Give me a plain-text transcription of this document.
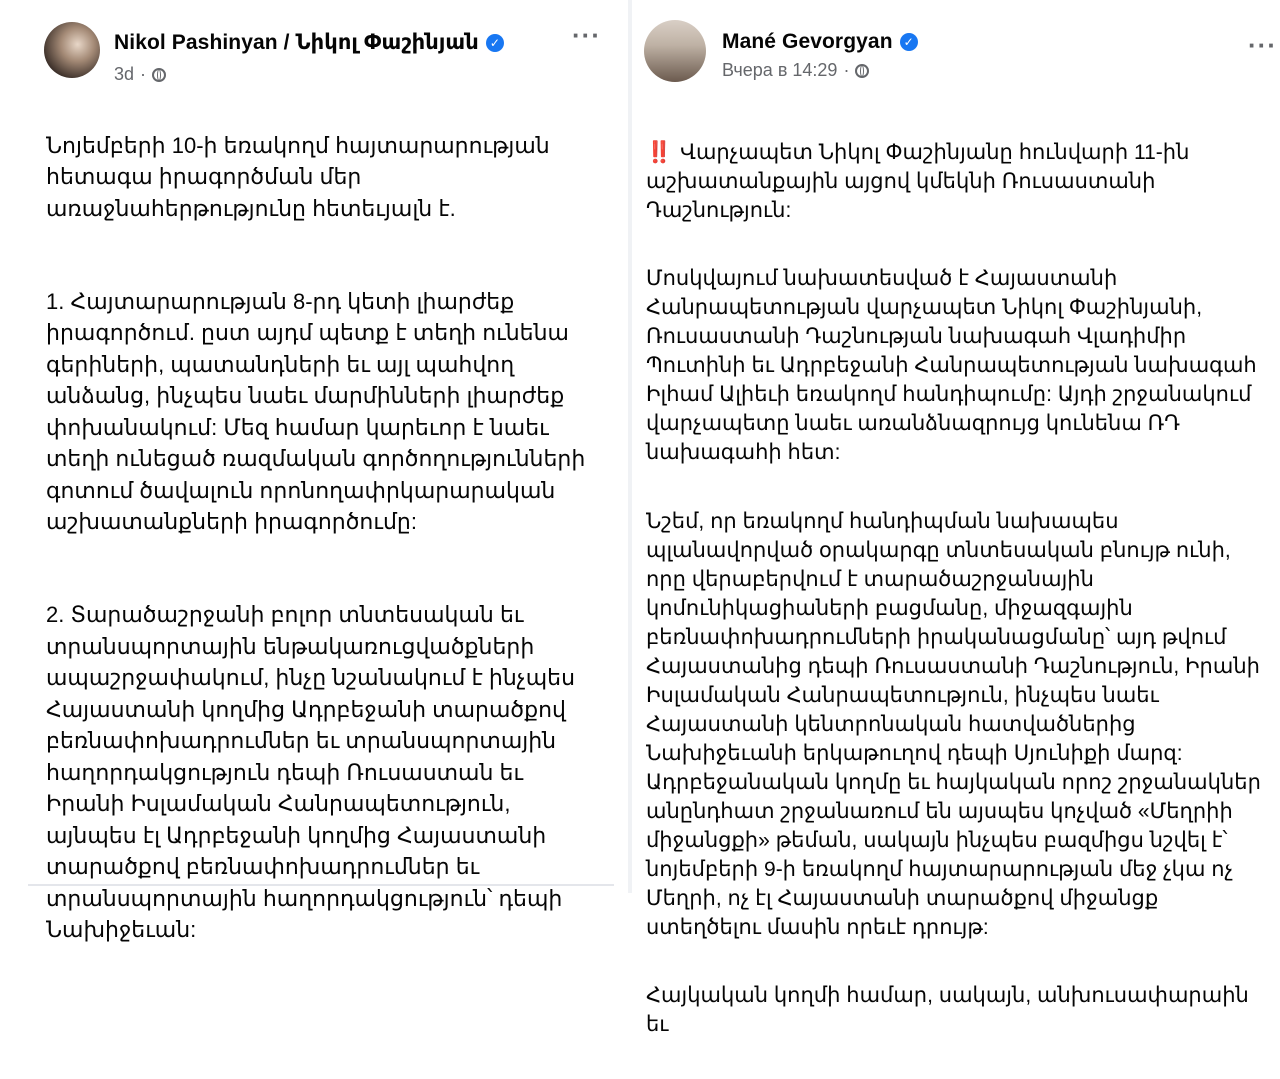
Nikol Pashinyan / Նիկոլ Փաշինյան ✓
3d ·
···

Նոյեմբերի 10-ի եռակողմ հայտարարության
հետագա իրագործման մեր
առաջնահերթությունը հետեւյալն է.

1. Հայտարարության 8-րդ կետի լիարժեք
իրագործում. ըստ այդմ պետք է տեղի ունենա
գերիների, պատանդների եւ այլ պահվող
անձանց, ինչպես նաեւ մարմինների լիարժեք
փոխանակում: Մեզ համար կարեւոր է նաեւ
տեղի ունեցած ռազմական գործողությունների
գոտում ծավալուն որոնողափրկարարական
աշխատանքների իրագործումը:

2. Տարածաշրջանի բոլոր տնտեսական եւ
տրանսպորտային ենթակառուցվածքների
ապաշրջափակում, ինչը նշանակում է ինչպես
Հայաստանի կողմից Ադրբեջանի տարածքով
բեռնափոխադրումներ եւ տրանսպորտային
հաղորդակցություն դեպի Ռուսաստան եւ
Իրանի Իսլամական Հանրապետություն,
այնպես էլ Ադրբեջանի կողմից Հայաստանի
տարածքով բեռնափոխադրումներ եւ
տրանսպորտային հաղորդակցություն՝ դեպի
Նախիջեւան:

Mané Gevorgyan ✓
Вчера в 14:29 ·
···

‼️ Վարչապետ Նիկոլ Փաշինյանը հունվարի 11-ին
աշխատանքային այցով կմեկնի Ռուսաստանի
Դաշնություն:

Մոսկվայում նախատեսված է Հայաստանի
Հանրապետության վարչապետ Նիկոլ Փաշինյանի,
Ռուսաստանի Դաշնության նախագահ Վլադիմիր
Պուտինի եւ Ադրբեջանի Հանրապետության նախագահ
Իլհամ Ալիեւի եռակողմ հանդիպումը: Այդի շրջանակում
վարչապետը նաեւ առանձնազրույց կունենա ՌԴ
նախագահի հետ:

Նշեմ, որ եռակողմ հանդիպման նախապես
պլանավորված օրակարգը տնտեսական բնույթ ունի,
որը վերաբերվում է տարածաշրջանային
կոմունիկացիաների բացմանը, միջազգային
բեռնափոխադրումների իրականացմանը՝ այդ թվում
Հայաստանից դեպի Ռուսաստանի Դաշնություն, Իրանի
Իսլամական Հանրապետություն, ինչպես նաեւ
Հայաստանի կենտրոնական հատվածներից
Նախիջեւանի երկաթուղով դեպի Սյունիքի մարզ:
Ադրբեջանական կողմը եւ հայկական որոշ շրջանակներ
անընդհատ շրջանառում են այսպես կոչված «Մեղրիի
միջանցքի» թեման, սակայն ինչպես բազմիցս նշվել է՝
նոյեմբերի 9-ի եռակողմ հայտարարության մեջ չկա ոչ
Մեղրի, ոչ էլ Հայաստանի տարածքով միջանցք
ստեղծելու մասին որեւէ դրույթ:

Հայկական կողմի համար, սակայն, անխուսափարաին եւ
